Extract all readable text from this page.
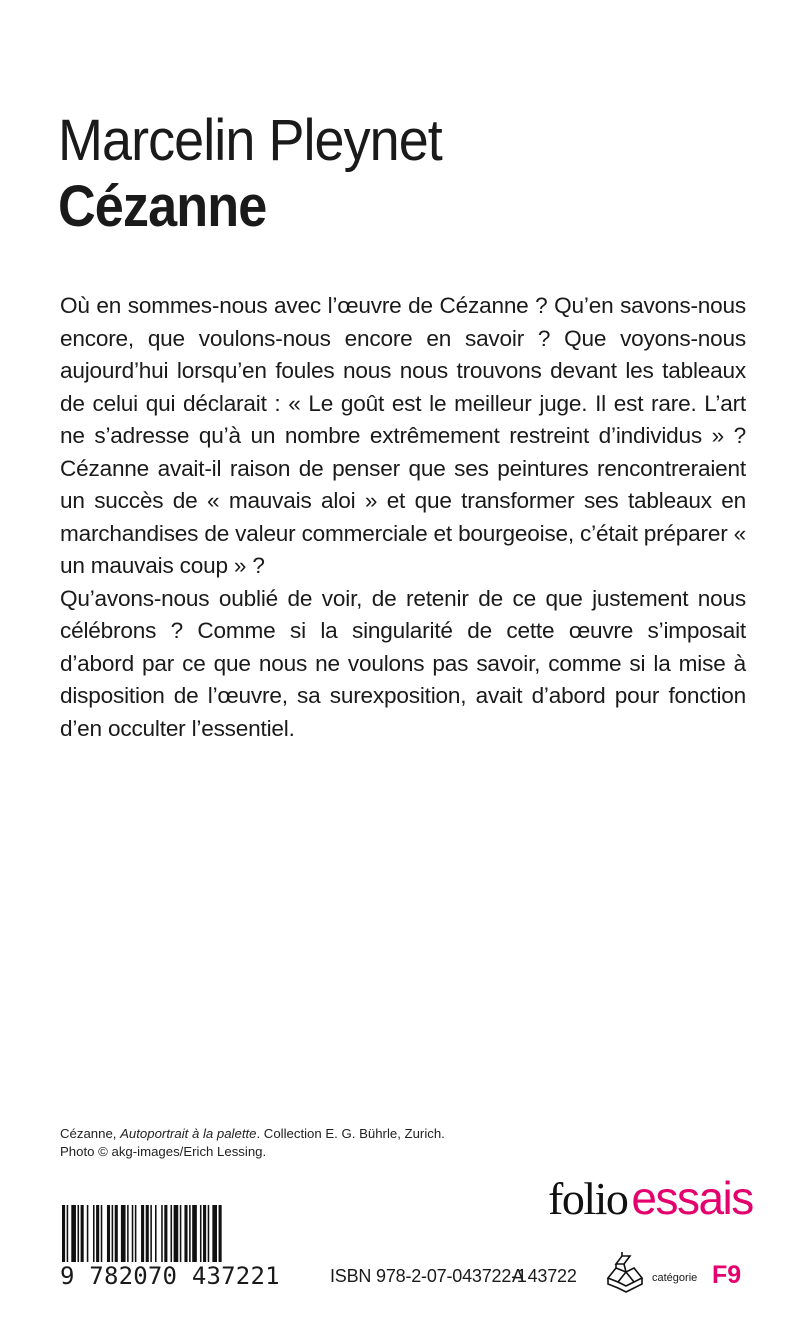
Marcelin Pleynet
Cézanne

Où en sommes-nous avec l’œuvre de Cézanne ? Qu’en savons-nous encore, que voulons-nous encore en savoir ? Que voyons-nous aujourd’hui lorsqu’en foules nous nous trouvons devant les tableaux de celui qui déclarait : « Le goût est le meilleur juge. Il est rare. L’art ne s’adresse qu’à un nombre extrêmement restreint d’individus » ? Cézanne avait-il raison de penser que ses peintures rencontreraient un succès de « mauvais aloi » et que transformer ses tableaux en marchandises de valeur commerciale et bourgeoise, c’était préparer « un mauvais coup » ?

Qu’avons-nous oublié de voir, de retenir de ce que justement nous célébrons ? Comme si la singularité de cette œuvre s’imposait d’abord par ce que nous ne voulons pas savoir, comme si la mise à disposition de l’œuvre, sa surexposition, avait d’abord pour fonction d’en occulter l’essentiel.

Cézanne, Autoportrait à la palette. Collection E. G. Bührle, Zurich.
Photo © akg-images/Erich Lessing.
folioessais
9 782070 437221	ISBN 978-2-07-043722-1
A 43722	catégorie F9
